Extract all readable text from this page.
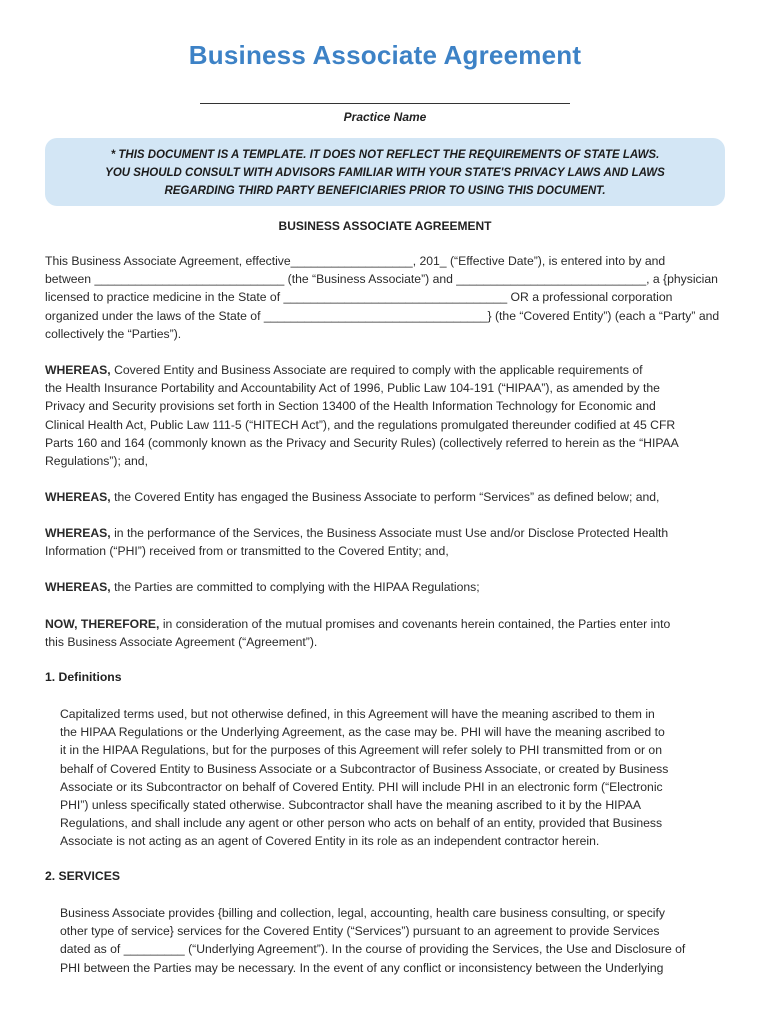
Business Associate Agreement
Practice Name
* THIS DOCUMENT IS A TEMPLATE. IT DOES NOT REFLECT THE REQUIREMENTS OF STATE LAWS.
YOU SHOULD CONSULT WITH ADVISORS FAMILIAR WITH YOUR STATE'S PRIVACY LAWS AND LAWS
REGARDING THIRD PARTY BENEFICIARIES PRIOR TO USING THIS DOCUMENT.
BUSINESS ASSOCIATE AGREEMENT
This Business Associate Agreement, effective__________________, 201_ (“Effective Date”), is entered into by and
between ____________________________ (the “Business Associate”) and ____________________________, a {physician
licensed to practice medicine in the State of _________________________________ OR a professional corporation
organized under the laws of the State of _________________________________} (the “Covered Entity”) (each a “Party” and
collectively the “Parties”).
WHEREAS, Covered Entity and Business Associate are required to comply with the applicable requirements of
the Health Insurance Portability and Accountability Act of 1996, Public Law 104-191 (“HIPAA”), as amended by the
Privacy and Security provisions set forth in Section 13400 of the Health Information Technology for Economic and
Clinical Health Act, Public Law 111-5 (“HITECH Act”), and the regulations promulgated thereunder codified at 45 CFR
Parts 160 and 164 (commonly known as the Privacy and Security Rules) (collectively referred to herein as the “HIPAA
Regulations”); and,
WHEREAS, the Covered Entity has engaged the Business Associate to perform “Services” as defined below; and,
WHEREAS, in the performance of the Services, the Business Associate must Use and/or Disclose Protected Health
Information (“PHI”) received from or transmitted to the Covered Entity; and,
WHEREAS, the Parties are committed to complying with the HIPAA Regulations;
NOW, THEREFORE, in consideration of the mutual promises and covenants herein contained, the Parties enter into
this Business Associate Agreement (“Agreement”).
1. Definitions
Capitalized terms used, but not otherwise defined, in this Agreement will have the meaning ascribed to them in
the HIPAA Regulations or the Underlying Agreement, as the case may be. PHI will have the meaning ascribed to
it in the HIPAA Regulations, but for the purposes of this Agreement will refer solely to PHI transmitted from or on
behalf of Covered Entity to Business Associate or a Subcontractor of Business Associate, or created by Business
Associate or its Subcontractor on behalf of Covered Entity. PHI will include PHI in an electronic form (“Electronic
PHI”) unless specifically stated otherwise. Subcontractor shall have the meaning ascribed to it by the HIPAA
Regulations, and shall include any agent or other person who acts on behalf of an entity, provided that Business
Associate is not acting as an agent of Covered Entity in its role as an independent contractor herein.
2. SERVICES
Business Associate provides {billing and collection, legal, accounting, health care business consulting, or specify
other type of service} services for the Covered Entity (“Services”) pursuant to an agreement to provide Services
dated as of _________ (“Underlying Agreement”). In the course of providing the Services, the Use and Disclosure of
PHI between the Parties may be necessary. In the event of any conflict or inconsistency between the Underlying
